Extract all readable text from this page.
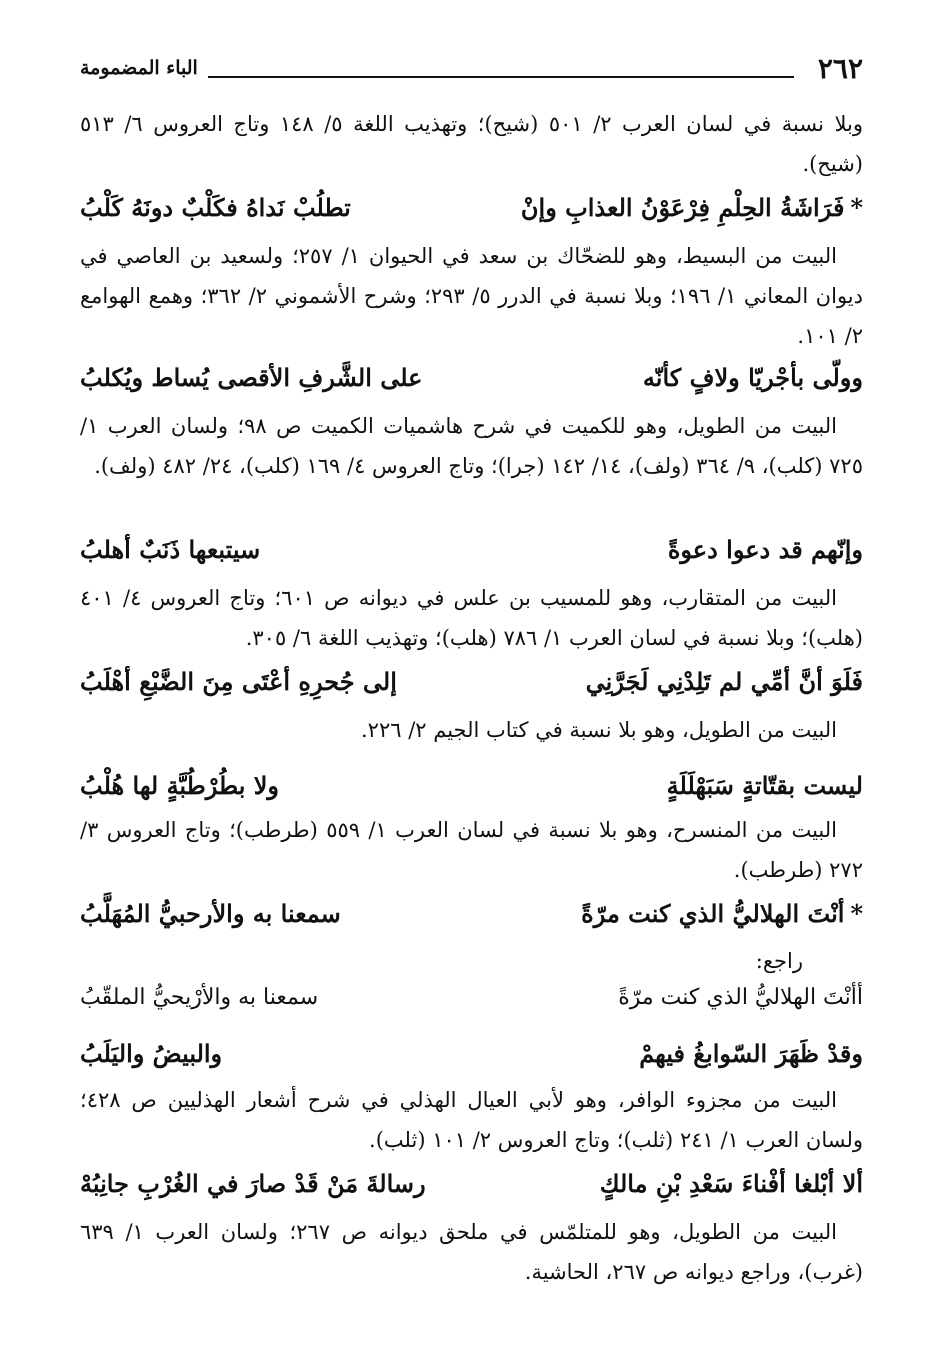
٢٦٢
الباء المضمومة
وبلا نسبة في لسان العرب ٢/ ٥٠١ (شيح)؛ وتهذيب اللغة ٥/ ١٤٨ وتاج العروس ٦/ ٥١٣ (شيح).
*فَرَاشَةُ الحِلْمِ فِرْعَوْنُ العذابِ وإنْ
تطلُبْ نَداهُ فكَلْبٌ دونَهُ كَلْبُ
البيت من البسيط، وهو للضحّاك بن سعد في الحيوان ١/ ٢٥٧؛ ولسعيد بن العاصي في ديوان المعاني ١/ ١٩٦؛ وبلا نسبة في الدرر ٥/ ٢٩٣؛ وشرح الأشموني ٢/ ٣٦٢؛ وهمع الهوامع ٢/ ١٠١.
وولّى بأجْريّا ولافٍ كأنّه
على الشَّرفِ الأقصى يُساط ويُكلبُ
البيت من الطويل، وهو للكميت في شرح هاشميات الكميت ص ٩٨؛ ولسان العرب ١/ ٧٢٥ (كلب)، ٩/ ٣٦٤ (ولف)، ١٤/ ١٤٢ (جرا)؛ وتاج العروس ٤/ ١٦٩ (كلب)، ٢٤/ ٤٨٢ (ولف).
وإنّهم قد دعوا دعوةً
سيتبعها ذَنَبٌ أهلبُ
البيت من المتقارب، وهو للمسيب بن علس في ديوانه ص ٦٠١؛ وتاج العروس ٤/ ٤٠١ (هلب)؛ وبلا نسبة في لسان العرب ١/ ٧٨٦ (هلب)؛ وتهذيب اللغة ٦/ ٣٠٥.
فَلَوَ أنَّ أمِّي لم تَلِدْنِي لَجَرَّنِي
إلى جُحرِهِ أعْتَى مِنَ الضَّبْعِ أهْلَبُ
البيت من الطويل، وهو بلا نسبة في كتاب الجيم ٢/ ٢٢٦.
ليست بقتّاتةٍ سَبَهْلَلَةٍ
ولا بطُرْطُبَّةٍ لها هُلْبُ
البيت من المنسرح، وهو بلا نسبة في لسان العرب ١/ ٥٥٩ (طرطب)؛ وتاج العروس ٣/ ٢٧٢ (طرطب).
*أنْتَ الهلاليُّ الذي كنت مرّةً
سمعنا به والأرحبيُّ المُهَلَّبُ
راجع:
أأنْتَ الهلاليُّ الذي كنت مرّةً
سمعنا به والأرْيحيُّ الملقّبُ
وقدْ ظَهَرَ السّوابغُ فيهمْ
والبيضُ واليَلَبُ
البيت من مجزوء الوافر، وهو لأبي العيال الهذلي في شرح أشعار الهذليين ص ٤٢٨؛ ولسان العرب ١/ ٢٤١ (ثلب)؛ وتاج العروس ٢/ ١٠١ (ثلب).
ألا أبْلغا أفْناءَ سَعْدِ بْنِ مالكٍ
رسالةَ مَنْ قَدْ صارَ في الغُرْبِ جانِبُهْ
البيت من الطويل، وهو للمتلمّس في ملحق ديوانه ص ٢٦٧؛ ولسان العرب ١/ ٦٣٩ (غرب)، وراجع ديوانه ص ٢٦٧، الحاشية.
